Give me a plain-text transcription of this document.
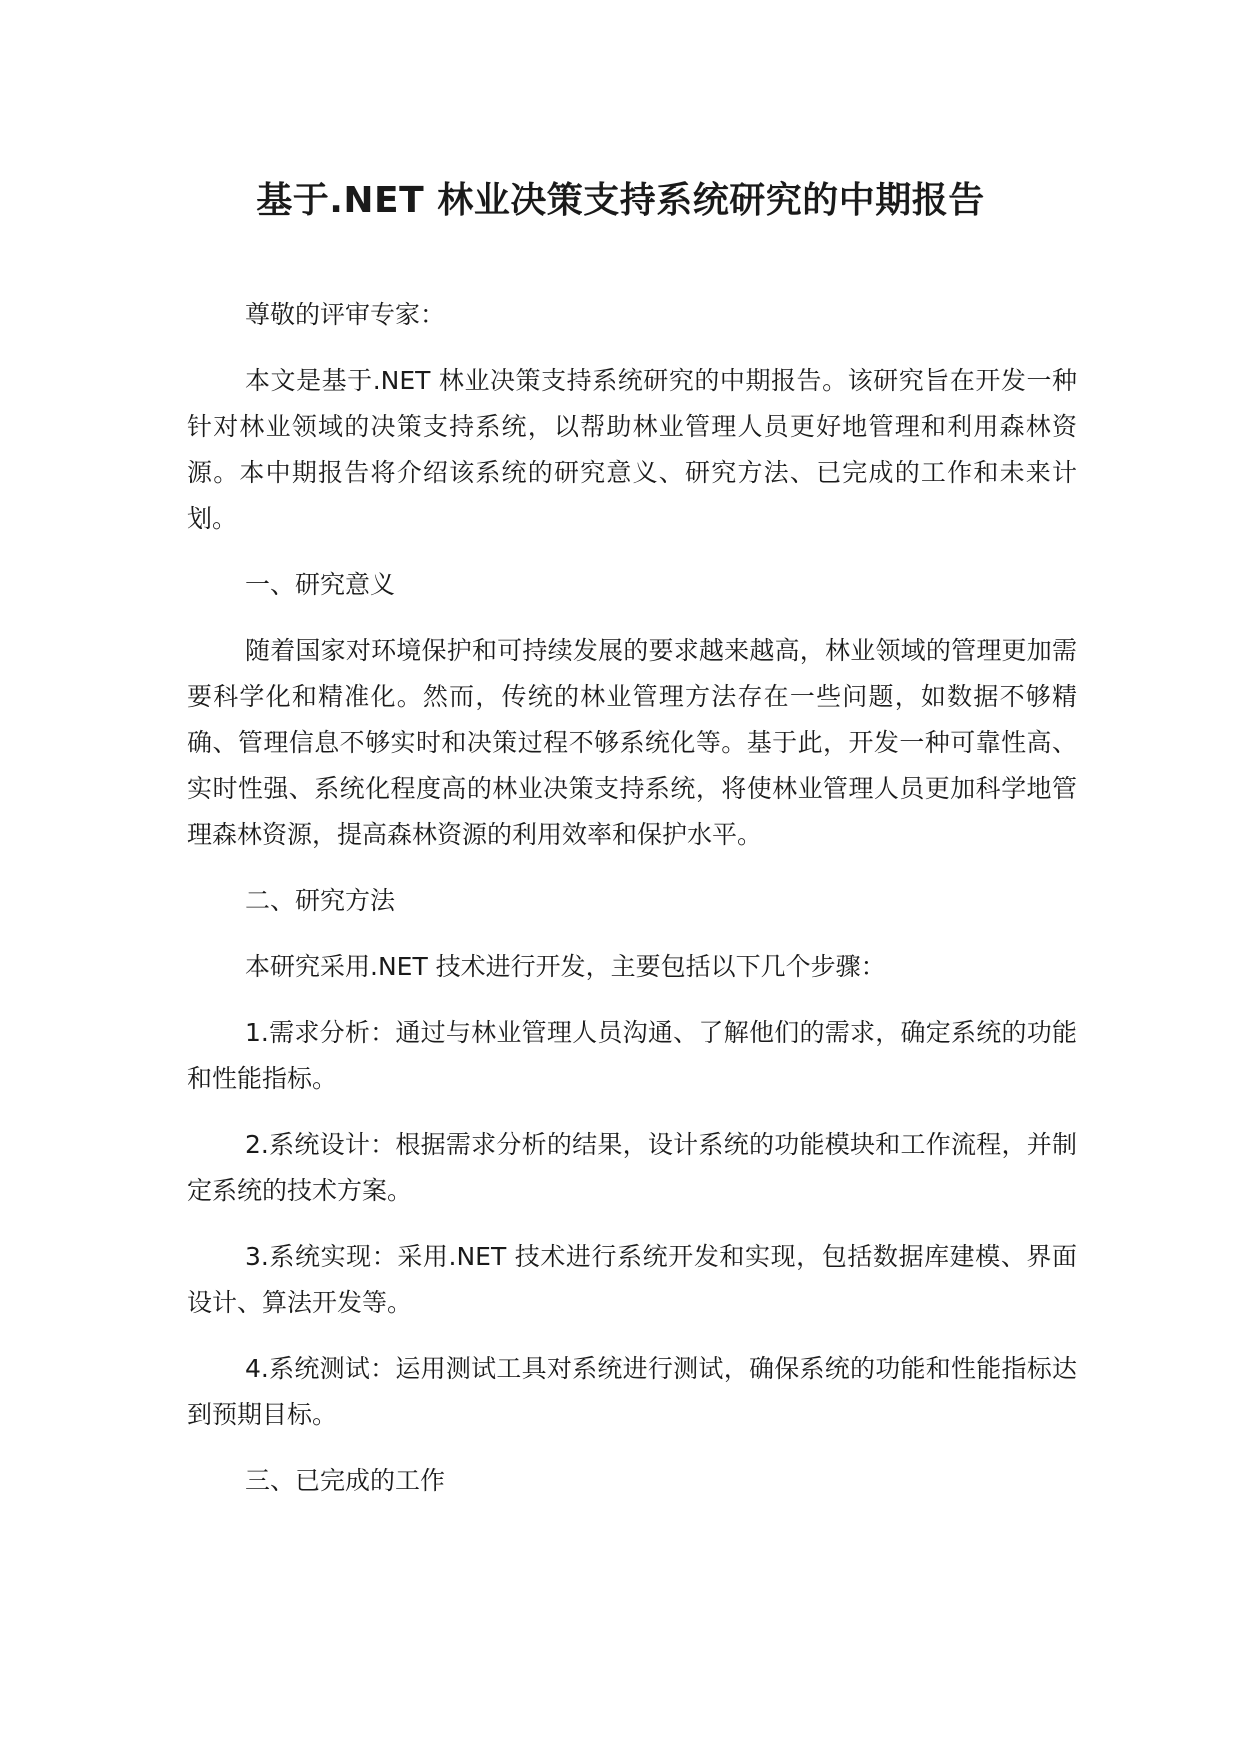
基于.NET 林业决策支持系统研究的中期报告

尊敬的评审专家：

本文是基于.NET 林业决策支持系统研究的中期报告。该研究旨在开发一种针对林业领域的决策支持系统，以帮助林业管理人员更好地管理和利用森林资源。本中期报告将介绍该系统的研究意义、研究方法、已完成的工作和未来计划。

一、研究意义

随着国家对环境保护和可持续发展的要求越来越高，林业领域的管理更加需要科学化和精准化。然而，传统的林业管理方法存在一些问题，如数据不够精确、管理信息不够实时和决策过程不够系统化等。基于此，开发一种可靠性高、实时性强、系统化程度高的林业决策支持系统，将使林业管理人员更加科学地管理森林资源，提高森林资源的利用效率和保护水平。

二、研究方法

本研究采用.NET 技术进行开发，主要包括以下几个步骤：

1.需求分析：通过与林业管理人员沟通、了解他们的需求，确定系统的功能和性能指标。

2.系统设计：根据需求分析的结果，设计系统的功能模块和工作流程，并制定系统的技术方案。

3.系统实现：采用.NET 技术进行系统开发和实现，包括数据库建模、界面设计、算法开发等。

4.系统测试：运用测试工具对系统进行测试，确保系统的功能和性能指标达到预期目标。

三、已完成的工作
